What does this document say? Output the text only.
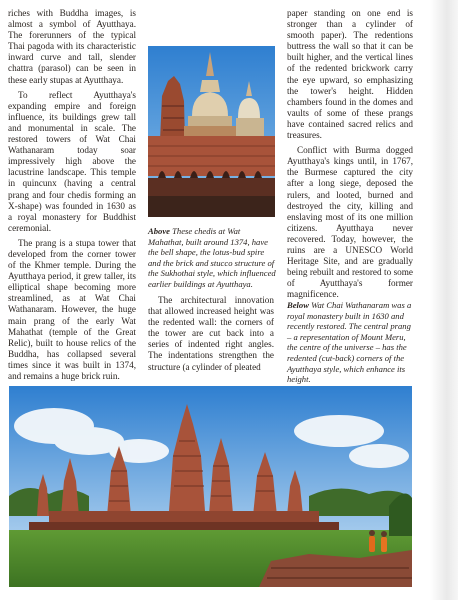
riches with Buddha images, is almost a symbol of Ayutthaya. The forerunners of the typical Thai pagoda with its characteristic inward curve and tall, slender chattra (parasol) can be seen in these early stupas at Ayutthaya.

To reflect Ayutthaya's expanding empire and foreign influence, its buildings grew tall and monumental in scale. The restored towers of Wat Chai Wathanaram today soar impressively high above the lacustrine landscape. This temple in quincunx (having a central prang and four chedis forming an X-shape) was founded in 1630 as a royal monastery for Buddhist ceremonial.

The prang is a stupa tower that developed from the corner tower of the Khmer temple. During the Ayutthaya period, it grew taller, its elliptical shape becoming more streamlined, as at Wat Chai Wathanaram. However, the huge main prang of the early Wat Mahathat (temple of the Great Relic), built to house relics of the Buddha, has collapsed several times since it was built in 1374, and remains a huge brick ruin.

Above These chedis at Wat Mahathat, built around 1374, have the bell shape, the lotus-bud spire and the brick and stucco structure of the Sukhothai style, which influenced earlier buildings at Ayutthaya.

The architectural innovation that allowed increased height was the redented wall: the corners of the tower are cut back into a series of indented right angles. The indentations strengthen the structure (a cylinder of pleated

paper standing on one end is stronger than a cylinder of smooth paper). The redentions buttress the wall so that it can be built higher, and the vertical lines of the redented brickwork carry the eye upward, so emphasizing the tower's height. Hidden chambers found in the domes and vaults of some of these prangs have contained sacred relics and treasures.

Conflict with Burma dogged Ayutthaya's kings until, in 1767, the Burmese captured the city after a long siege, deposed the rulers, and looted, burned and destroyed the city, killing and enslaving most of its one million citizens. Ayutthaya never recovered. Today, however, the ruins are a UNESCO World Heritage Site, and are gradually being rebuilt and restored to some of Ayutthaya's former magnificence.

Below Wat Chai Wathanaram was a royal monastery built in 1630 and recently restored. The central prang – a representation of Mount Meru, the centre of the universe – has the redented (cut-back) corners of the Ayutthaya style, which enhance its height.
